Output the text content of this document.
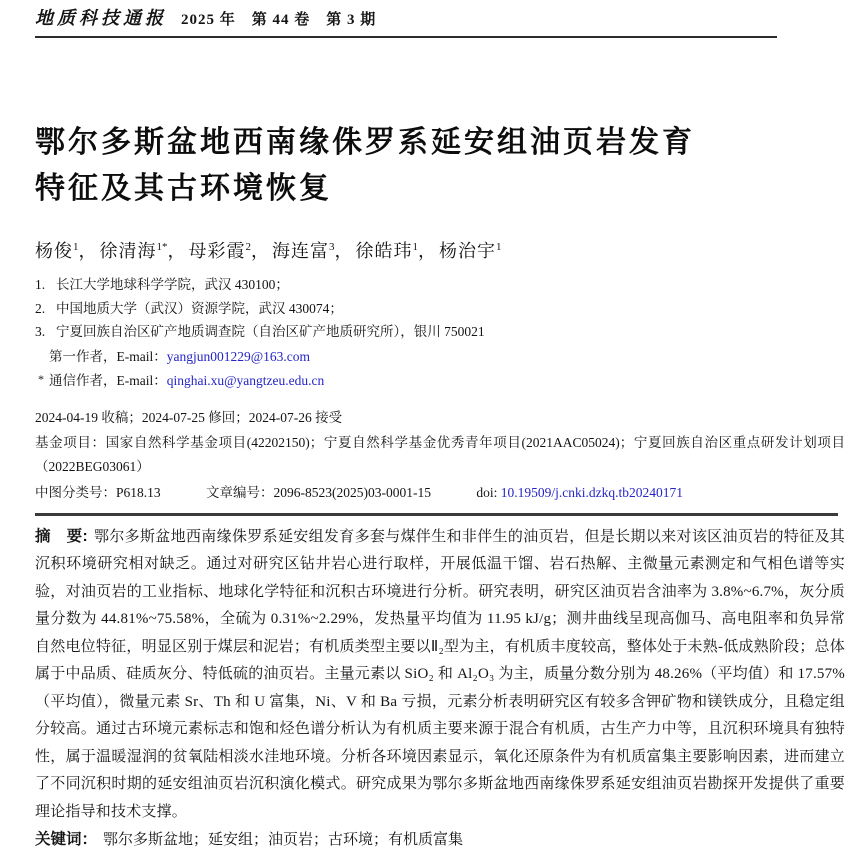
地质科技通报 2025 年　第 44 卷　第 3 期
鄂尔多斯盆地西南缘侏罗系延安组油页岩发育
特征及其古环境恢复
杨俊$^1$， 徐清海$^{1*}$， 母彩霞$^2$， 海连富$^3$， 徐皓玮$^1$， 杨治宇$^1$
1. 长江大学地球科学学院，武汉 430100；
2. 中国地质大学（武汉）资源学院，武汉 430074；
3. 宁夏回族自治区矿产地质调查院（自治区矿产地质研究所），银川 750021
第一作者，E-mail：yangjun001229@163.com
* 通信作者，E-mail：qinghai.xu@yangtzeu.edu.cn
2024-04-19 收稿；2024-07-25 修回；2024-07-26 接受
基金项目：国家自然科学基金项目(42202150)；宁夏自然科学基金优秀青年项目(2021AAC05024)；宁夏回族自治区重点研发计划项目（2022BEG03061）
中图分类号：P618.13	文章编号：2096-8523(2025)03-0001-15	doi: 10.19509/j.cnki.dzkq.tb20240171
摘　要: 鄂尔多斯盆地西南缘侏罗系延安组发育多套与煤伴生和非伴生的油页岩，但是长期以来对该区油页岩的特征及其沉积环境研究相对缺乏。通过对研究区钻井岩心进行取样，开展低温干馏、岩石热解、主微量元素测定和气相色谱等实验，对油页岩的工业指标、地球化学特征和沉积古环境进行分析。研究表明，研究区油页岩含油率为 3.8%~6.7%，灰分质量分数为 44.81%~75.58%，全硫为 0.31%~2.29%，发热量平均值为 11.95 kJ/g；测井曲线呈现高伽马、高电阻率和负异常自然电位特征，明显区别于煤层和泥岩；有机质类型主要以Ⅱ₂型为主，有机质丰度较高，整体处于未熟-低成熟阶段；总体属于中品质、硅质灰分、特低硫的油页岩。主量元素以 SiO₂ 和 Al₂O₃ 为主，质量分数分别为 48.26%（平均值）和 17.57%（平均值），微量元素 Sr、Th 和 U 富集，Ni、V 和 Ba 亏损，元素分析表明研究区有较多含钾矿物和镁铁成分，且稳定组分较高。通过古环境元素标志和饱和烃色谱分析认为有机质主要来源于混合有机质，古生产力中等，且沉积环境具有独特性，属于温暖湿润的贫氧陆相淡水洼地环境。分析各环境因素显示，氧化还原条件为有机质富集主要影响因素，进而建立了不同沉积时期的延安组油页岩沉积演化模式。研究成果为鄂尔多斯盆地西南缘侏罗系延安组油页岩勘探开发提供了重要理论指导和技术支撑。
关键词： 鄂尔多斯盆地；延安组；油页岩；古环境；有机质富集
